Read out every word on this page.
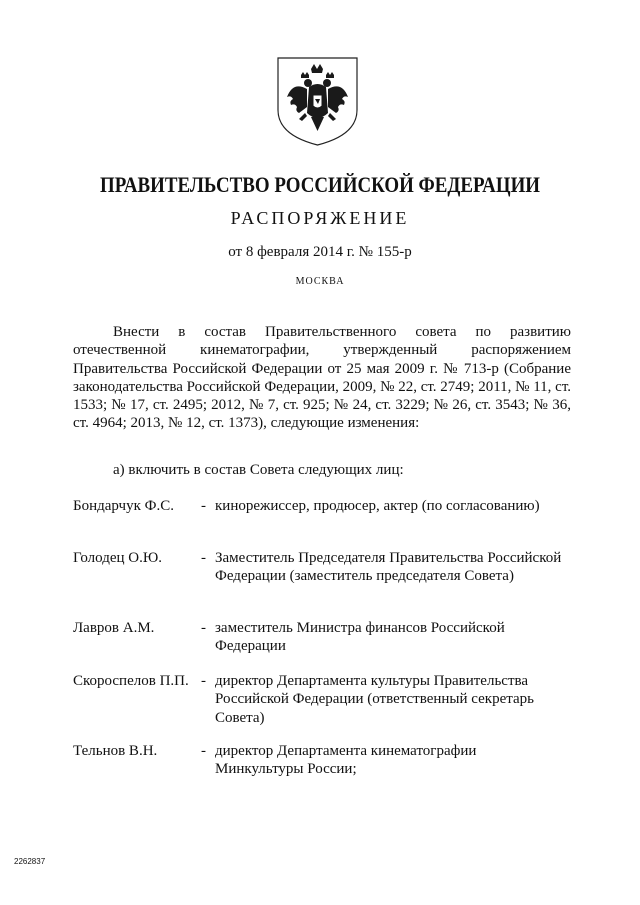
ПРАВИТЕЛЬСТВО РОССИЙСКОЙ ФЕДЕРАЦИИ
РАСПОРЯЖЕНИЕ
от 8 февраля 2014 г. № 155-р
МОСКВА

Внести в состав Правительственного совета по развитию отечественной кинематографии, утвержденный распоряжением Правительства Российской Федерации от 25 мая 2009 г. № 713-р (Собрание законодательства Российской Федерации, 2009, № 22, ст. 2749; 2011, № 11, ст. 1533; № 17, ст. 2495; 2012, № 7, ст. 925; № 24, ст. 3229; № 26, ст. 3543; № 36, ст. 4964; 2013, № 12, ст. 1373), следующие изменения:

а) включить в состав Совета следующих лиц:

Бондарчук Ф.С.	- кинорежиссер, продюсер, актер (по согласованию)
Голодец О.Ю.	- Заместитель Председателя Правительства Российской Федерации (заместитель председателя Совета)
Лавров А.М.	- заместитель Министра финансов Российской Федерации
Скороспелов П.П. - директор Департамента культуры Правительства Российской Федерации (ответственный секретарь Совета)
Тельнов В.Н.	- директор Департамента кинематографии Минкультуры России;
2262837
